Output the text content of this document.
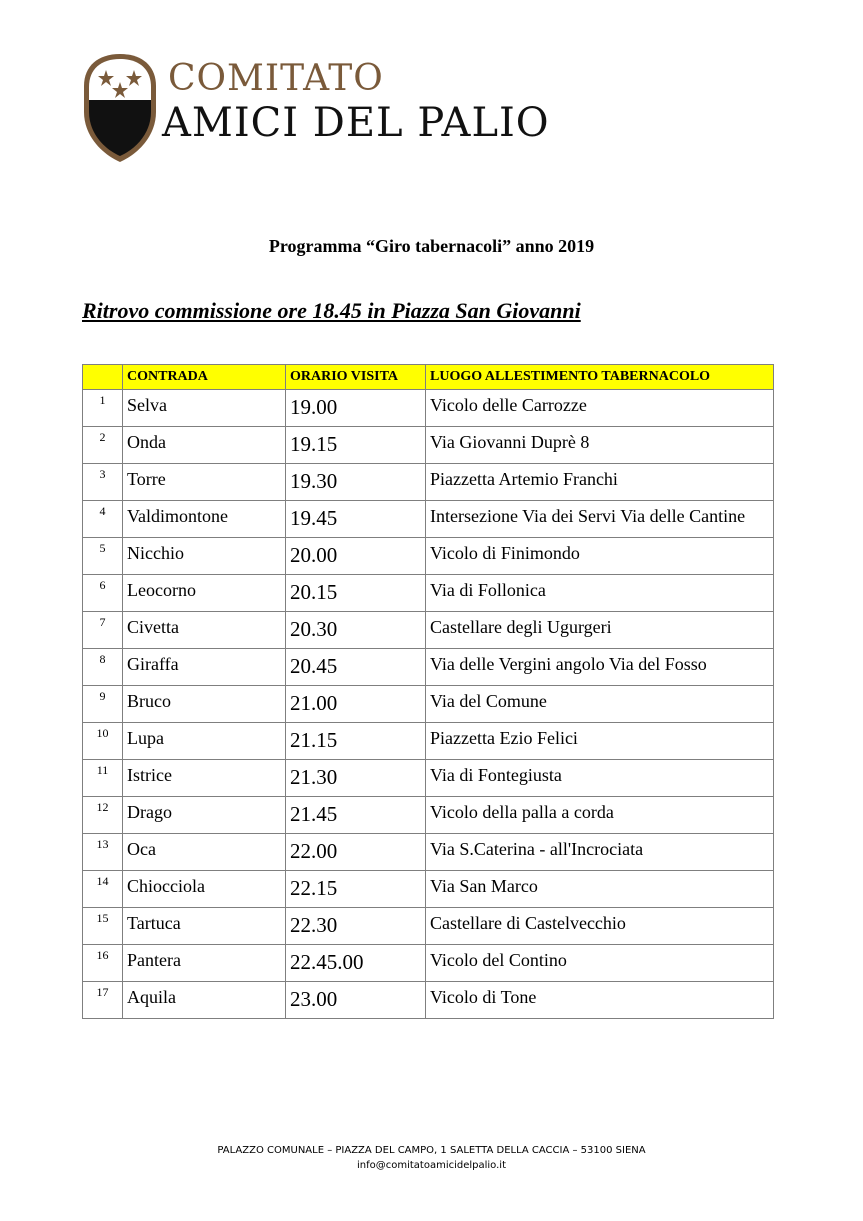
COMITATO
AMICI DEL PALIO
Programma “Giro tabernacoli” anno 2019
Ritrovo commissione ore 18.45 in Piazza San Giovanni
	CONTRADA	ORARIO VISITA	LUOGO ALLESTIMENTO TABERNACOLO
1	Selva	19.00	Vicolo delle Carrozze
2	Onda	19.15	Via Giovanni Duprè 8
3	Torre	19.30	Piazzetta Artemio Franchi
4	Valdimontone	19.45	Intersezione Via dei Servi Via delle Cantine
5	Nicchio	20.00	Vicolo di Finimondo
6	Leocorno	20.15	Via di Follonica
7	Civetta	20.30	Castellare degli Ugurgeri
8	Giraffa	20.45	Via delle Vergini angolo Via del Fosso
9	Bruco	21.00	Via del Comune
10	Lupa	21.15	Piazzetta Ezio Felici
11	Istrice	21.30	Via di Fontegiusta
12	Drago	21.45	Vicolo della palla a corda
13	Oca	22.00	Via S.Caterina - all'Incrociata
14	Chiocciola	22.15	Via San Marco
15	Tartuca	22.30	Castellare di Castelvecchio
16	Pantera	22.45.00	Vicolo del Contino
17	Aquila	23.00	Vicolo di Tone
PALAZZO COMUNALE – PIAZZA DEL CAMPO, 1 SALETTA DELLA CACCIA – 53100 SIENA
info@comitatoamicidelpalio.it
